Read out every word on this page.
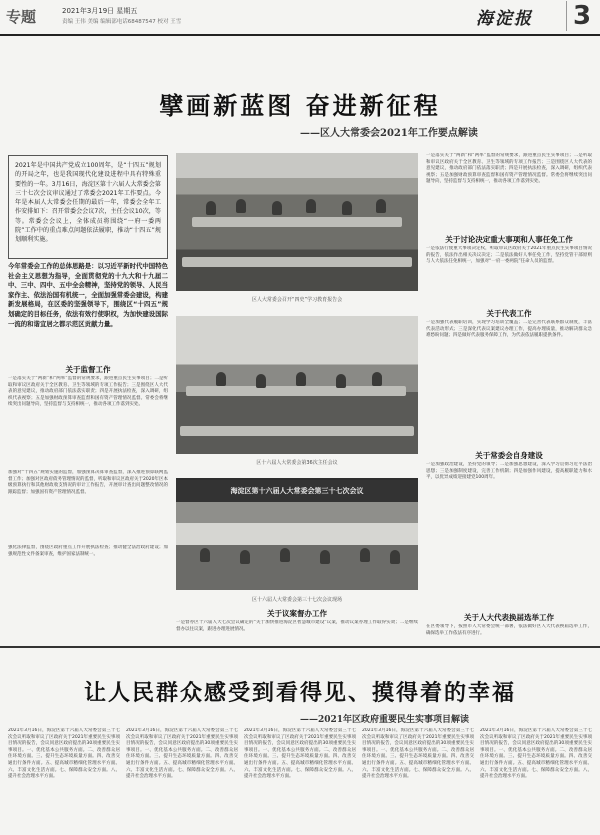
专题	2021年3月19日 星期五
责编 王伟 美编 编辑部电话68487547 校对 王雪	海淀报 3
擘画新蓝图 奋进新征程
——区人大常委会2021年工作要点解读
2021年是中国共产党成立100周年，是“十四五”规划的开局之年，也是我国现代化建设进程中具有特殊重要性的一年。3月16日，海淀区第十六届人大常委会第三十七次会议审议通过了常委会2021年工作要点。今年是本届人大常委会任期的最后一年，常委会全年工作安排如下：召开常委会会议7次，主任会议10次，等等。常委会会议上，全体成员将围绕“一府一委两院”工作中的重点难点问题依法履职，推动“十四五”规划顺利实施。
今年常委会工作的总体思路是：以习近平新时代中国特色社会主义思想为指导，全面贯彻党的十九大和十九届二中、三中、四中、五中全会精神，坚持党的领导、人民当家作主、依法治国有机统一，全面加强常委会建设，构建新发展格局，在区委的坚强领导下，围绕区“十四五”规划确定的目标任务，依法有效行使职权，为加快建设国际一流的和谐宜居之都示范区贡献力量。
关于监督工作
一是落实关于“两新”和“两率”监督的常规要求，跟进重点民生实事项目；二是听取和审议区政府关于全区教育、卫生等领域的专项工作报告；三是围绕区人大代表的意见建议，推动政府部门依法落实职责；四是开展执法检查，深入调研，组织代表视察；五是加强财政预算审查监督和国有资产管理情况监督。常委会将继续突出问题导向，坚持监督与支持相统一，推动各项工作落到实处。
加强对“十四五”规划实施的监督，加强预算决算审查监督，深入推进预算联网监督工作；加强对区政府债务管理情况的监督，听取和审议区政府关于2020年区本级预算执行和其他财政收支情况的审计工作报告，开展审计查出问题整改情况的跟踪监督；加强国有资产管理情况监督。
强化法律监督，围绕区政府重点工作开展执法检查；推动健全法治政府建设；加强规范性文件备案审查，维护国家法制统一。
区人大常委会召开“四史”学习教育报告会
区十六届人大常委会第36次主任会议
海淀区第十六届人大常委会第三十七次会议
区十六届人大常委会第三十七次会议现场
关于议案督办工作
一是督办区十六届人大七次会议确定的“关于加快推进海淀区智慧城市建设”议案，推动议案办理工作取得实效；二是继续督办以往议案，跟进办理进展情况。
一是落实关于“两新”和“两率”监督的常规要求，跟进重点民生实事项目；二是听取和审议区政府关于全区教育、卫生等领域的专项工作报告；三是围绕区人大代表的意见建议，推动政府部门依法落实职责；四是开展执法检查，深入调研，组织代表视察；五是加强财政预算审查监督和国有资产管理情况监督。常委会将继续突出问题导向，坚持监督与支持相统一，推动各项工作落到实处。
关于讨论决定重大事项和人事任免工作
一是依法行使重大事项决定权，听取审议区政府关于2021年重点民生实事项目情况的报告，依法作出相关决议决定；二是依法做好人事任免工作，坚持党管干部原则与人大依法任免相统一，加强对“一府一委两院”任命人员的监督。
关于代表工作
一是加强代表履职培训，实现学习培训全覆盖；二是完善代表联系群众制度，丰富代表活动形式；三是深化代表议案建议办理工作，提高办理质量，推动解决群众急难愁盼问题；四是做好代表服务保障工作，为代表依法履职提供条件。
关于常委会自身建设
一是加强政治建设，坚持党的领导；二是加强思想建设，深入学习贯彻习近平法治思想；三是加强制度建设，完善工作机制；四是加强作风建设，提高履职能力和水平，以优异成绩迎接建党100周年。
关于人大代表换届选举工作
在区委领导下，按照市人大常委会统一部署，依法做好区人大代表换届选举工作，确保选举工作依法有序进行。
让人民群众感受到看得见、摸得着的幸福
——2021年区政府重要民生实事项目解读
2021年3月16日，海淀区第十六届人大常委会第三十七次会议听取和审议了区政府关于2021年重要民生实事项目情况的报告，会议同意区政府提出的30项重要民生实事项目。一、优化基本公共服务方面。二、改善群众居住环境方面。三、提升生态环境质量方面。四、改善交通出行条件方面。五、提高城市精细化管理水平方面。六、丰富文化生活方面。七、保障群众安全方面。八、提升社会治理水平方面。
2021年3月16日，海淀区第十六届人大常委会第三十七次会议听取和审议了区政府关于2021年重要民生实事项目情况的报告，会议同意区政府提出的30项重要民生实事项目。一、优化基本公共服务方面。二、改善群众居住环境方面。三、提升生态环境质量方面。四、改善交通出行条件方面。五、提高城市精细化管理水平方面。六、丰富文化生活方面。七、保障群众安全方面。八、提升社会治理水平方面。
2021年3月16日，海淀区第十六届人大常委会第三十七次会议听取和审议了区政府关于2021年重要民生实事项目情况的报告，会议同意区政府提出的30项重要民生实事项目。一、优化基本公共服务方面。二、改善群众居住环境方面。三、提升生态环境质量方面。四、改善交通出行条件方面。五、提高城市精细化管理水平方面。六、丰富文化生活方面。七、保障群众安全方面。八、提升社会治理水平方面。
2021年3月16日，海淀区第十六届人大常委会第三十七次会议听取和审议了区政府关于2021年重要民生实事项目情况的报告，会议同意区政府提出的30项重要民生实事项目。一、优化基本公共服务方面。二、改善群众居住环境方面。三、提升生态环境质量方面。四、改善交通出行条件方面。五、提高城市精细化管理水平方面。六、丰富文化生活方面。七、保障群众安全方面。八、提升社会治理水平方面。
2021年3月16日，海淀区第十六届人大常委会第三十七次会议听取和审议了区政府关于2021年重要民生实事项目情况的报告，会议同意区政府提出的30项重要民生实事项目。一、优化基本公共服务方面。二、改善群众居住环境方面。三、提升生态环境质量方面。四、改善交通出行条件方面。五、提高城市精细化管理水平方面。六、丰富文化生活方面。七、保障群众安全方面。八、提升社会治理水平方面。
